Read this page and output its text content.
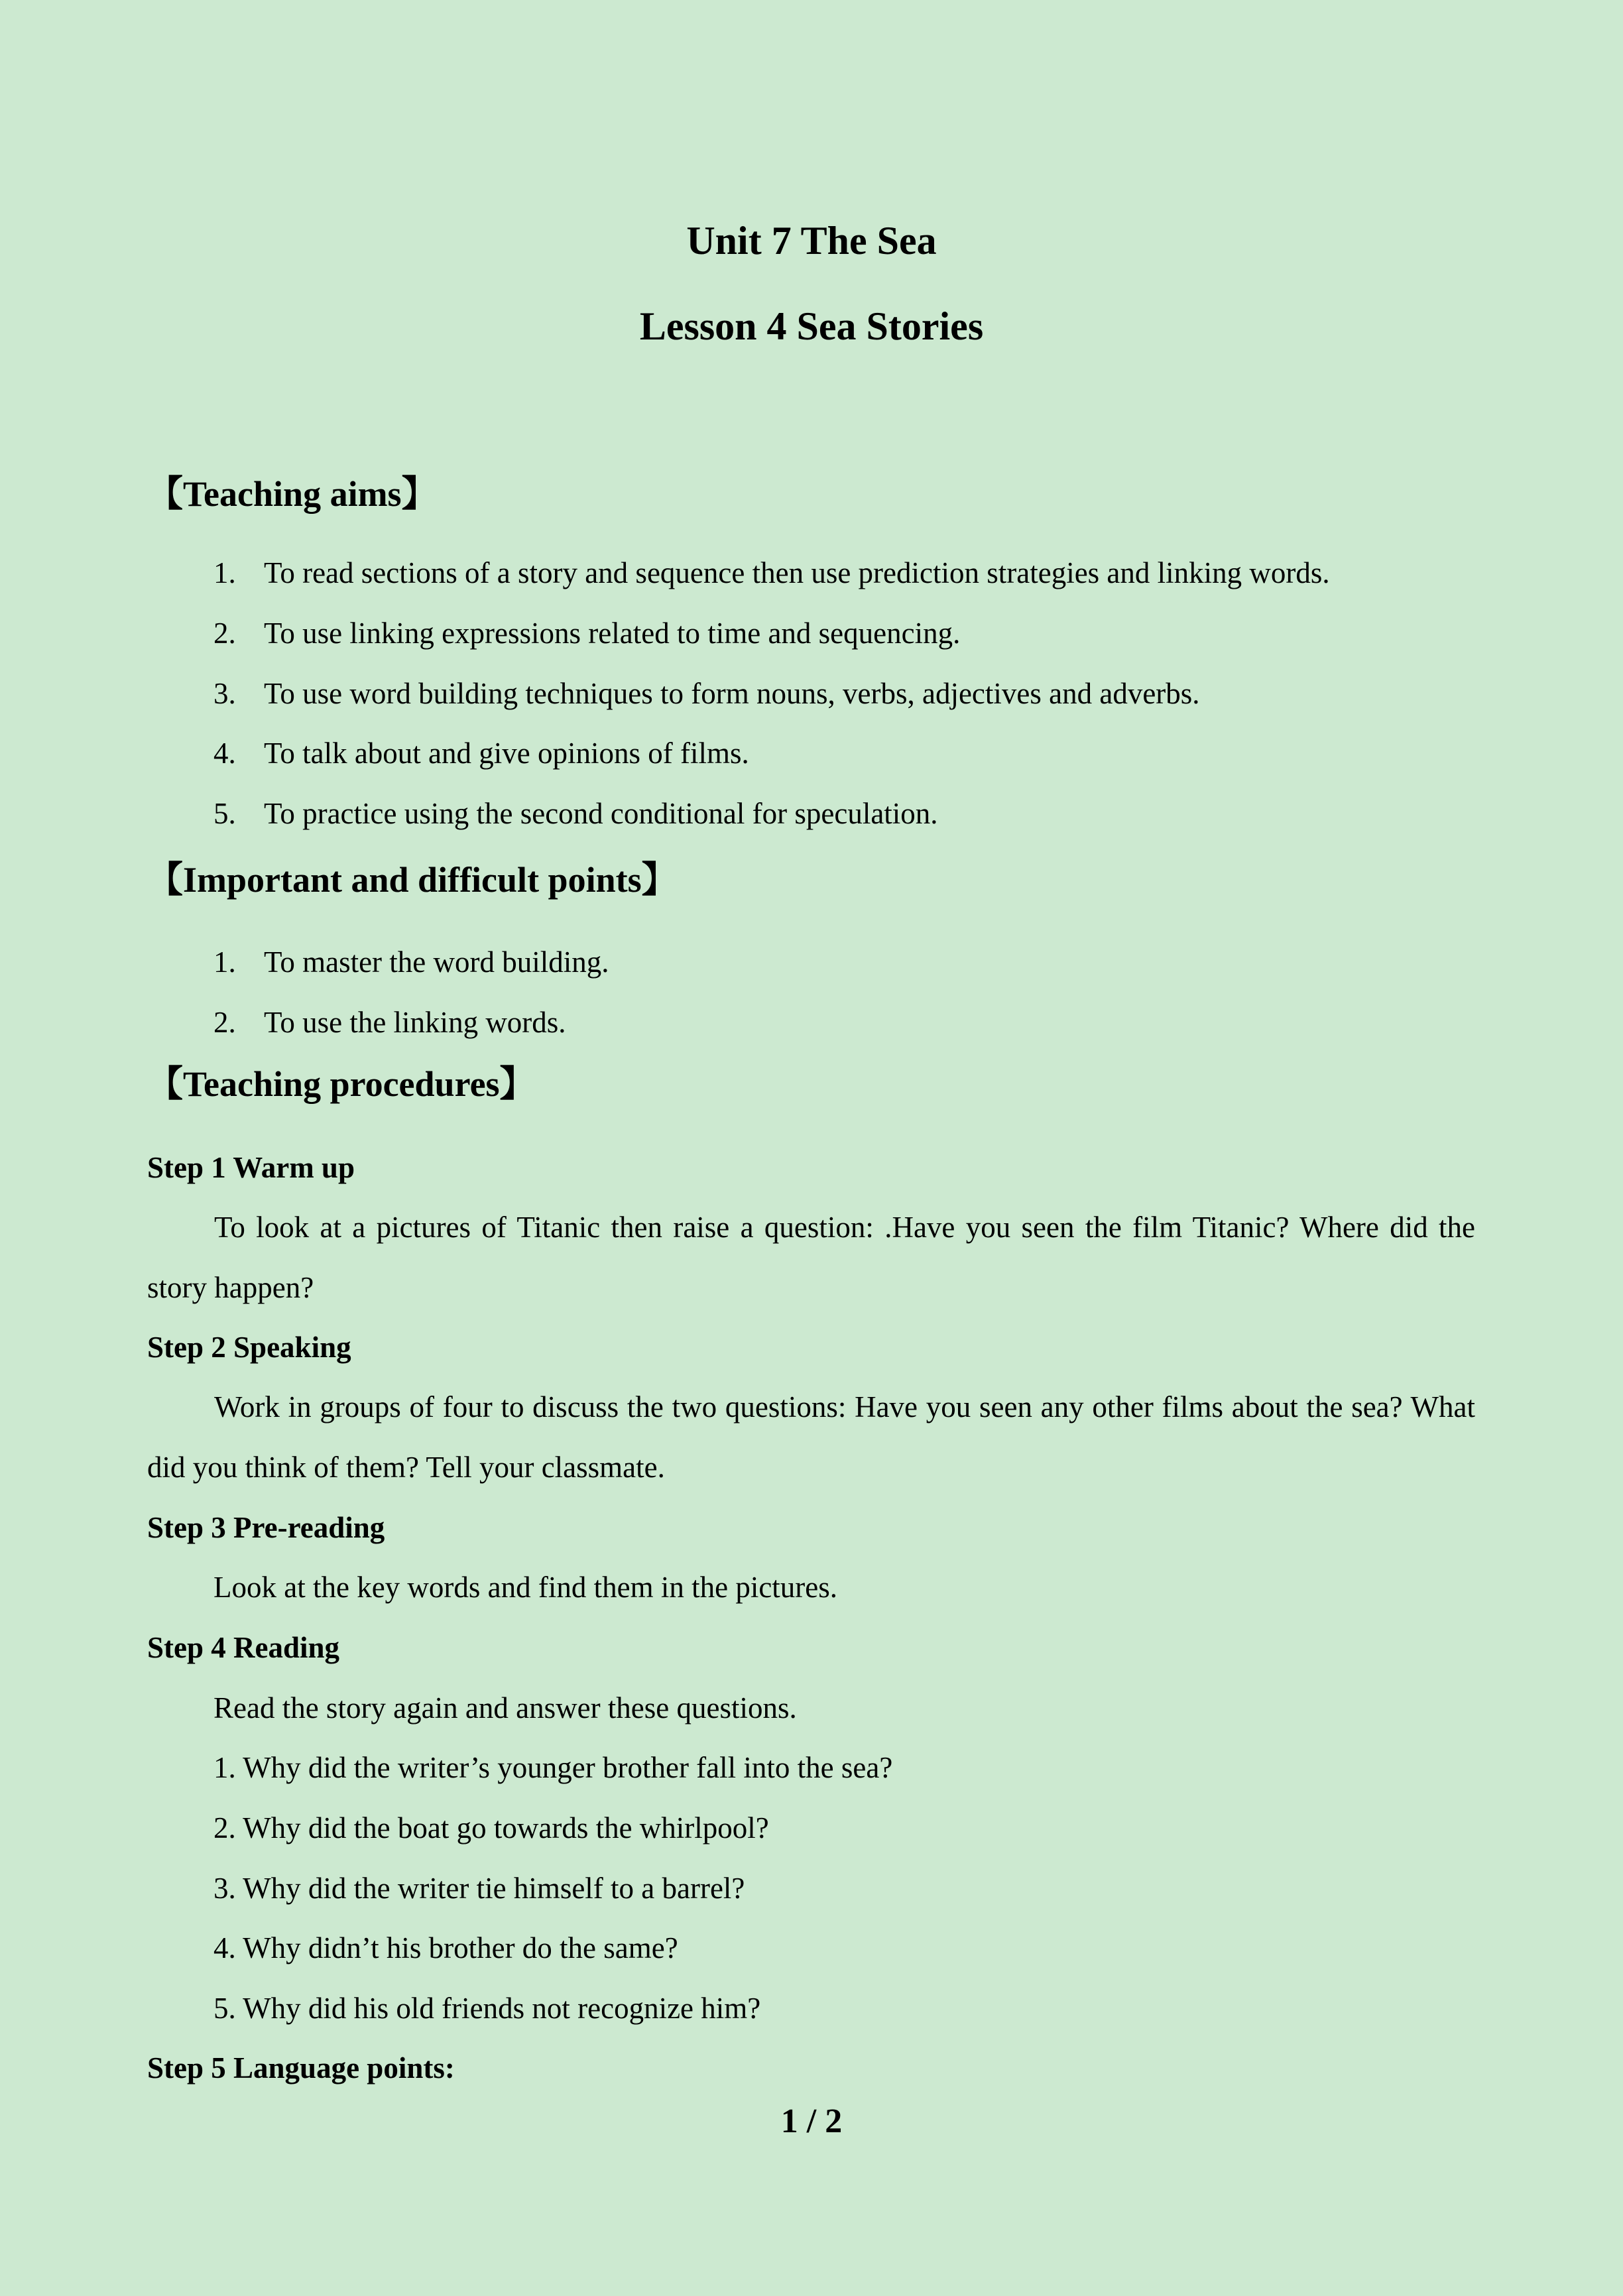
Unit 7 The Sea
Lesson 4 Sea Stories
【Teaching aims】
1. To read sections of a story and sequence then use prediction strategies and linking words.
2. To use linking expressions related to time and sequencing.
3. To use word building techniques to form nouns, verbs, adjectives and adverbs.
4. To talk about and give opinions of films.
5. To practice using the second conditional for speculation.
【Important and difficult points】
1. To master the word building.
2. To use the linking words.
【Teaching procedures】

Step 1 Warm up

To look at a pictures of Titanic then raise a question: .Have you seen the film Titanic? Where did the story happen?

Step 2 Speaking

Work in groups of four to discuss the two questions: Have you seen any other films about the sea? What did you think of them? Tell your classmate.

Step 3 Pre-reading

Look at the key words and find them in the pictures.

Step 4 Reading

Read the story again and answer these questions.

1. Why did the writer’s younger brother fall into the sea?

2. Why did the boat go towards the whirlpool?

3. Why did the writer tie himself to a barrel?

4. Why didn’t his brother do the same?

5. Why did his old friends not recognize him?

Step 5 Language points:

1 / 2
